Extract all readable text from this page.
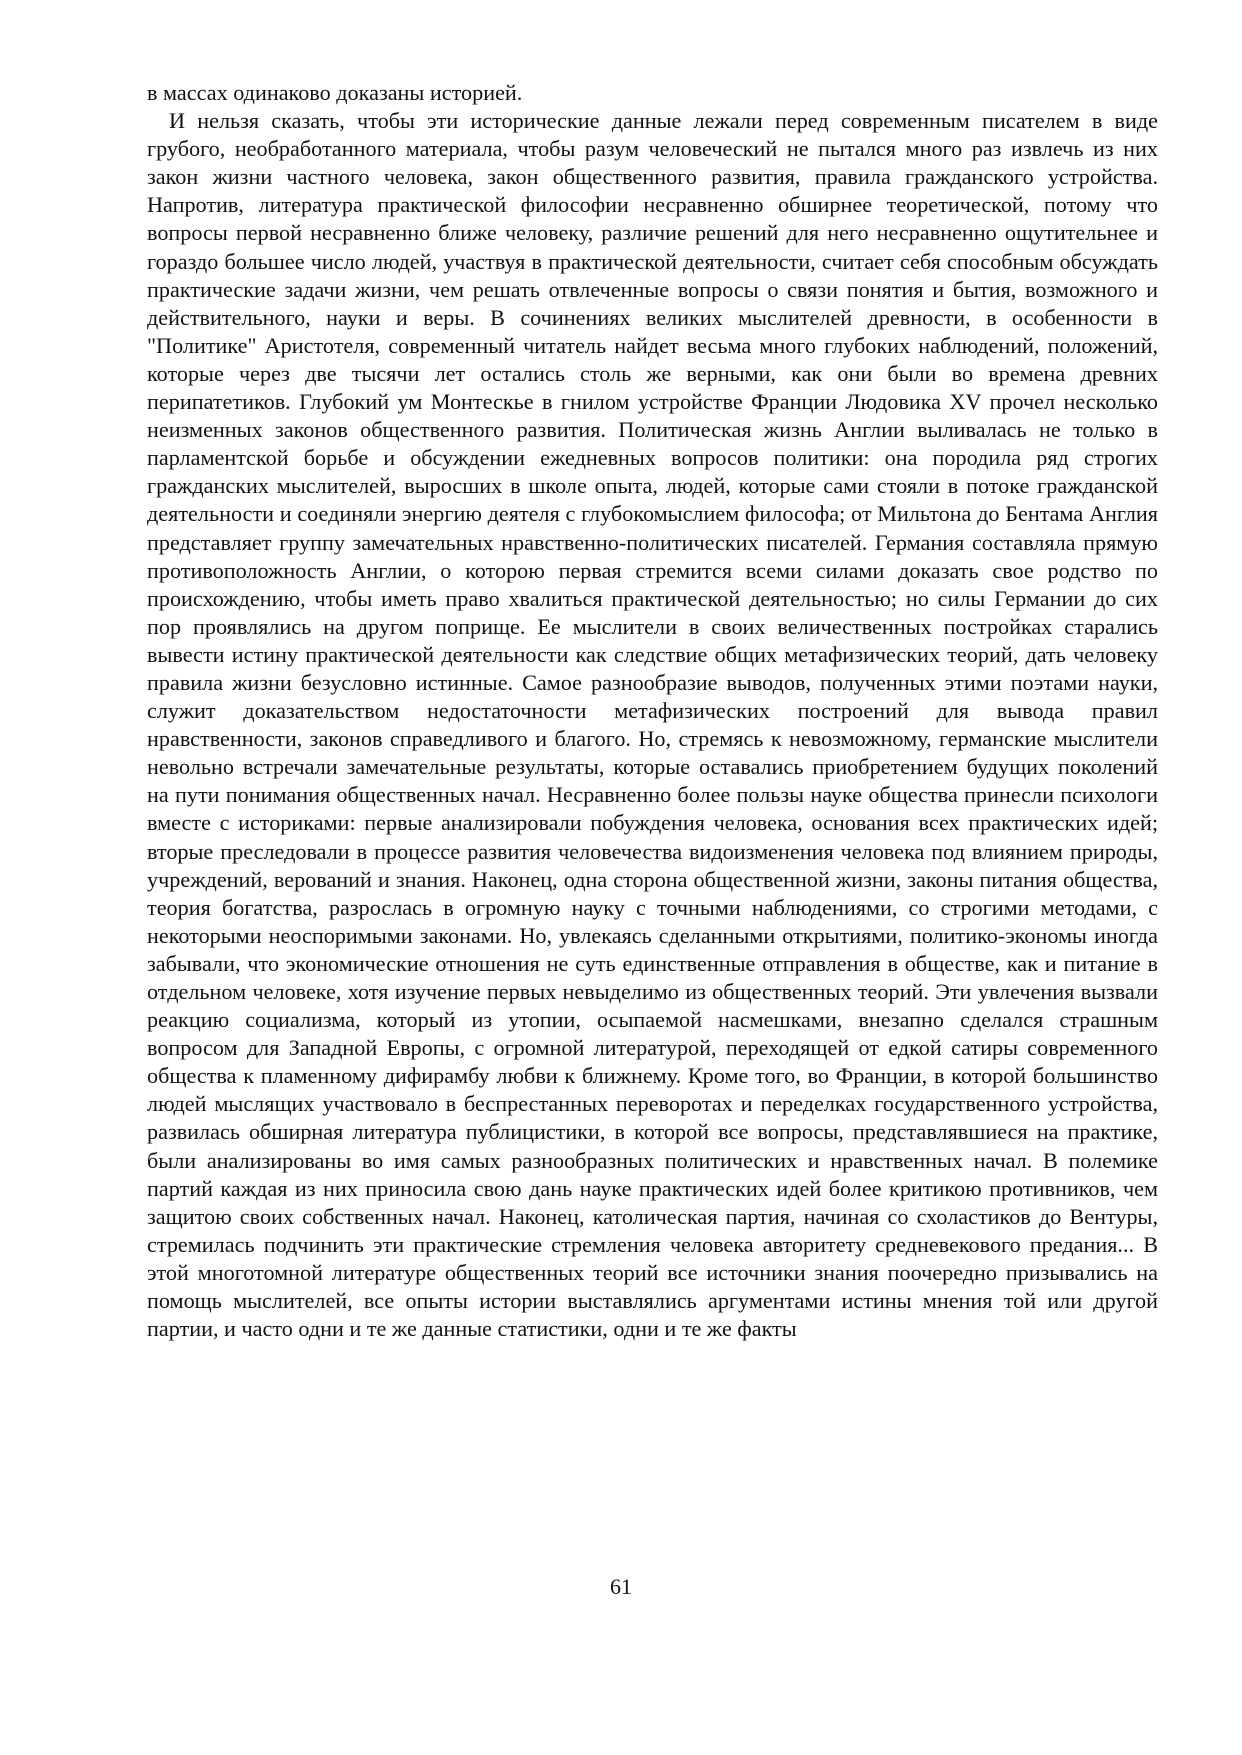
в массах одинаково доказаны историей.

И нельзя сказать, чтобы эти исторические данные лежали перед современным писателем в виде грубого, необработанного материала, чтобы разум человеческий не пытался много раз извлечь из них закон жизни частного человека, закон общественного развития, правила гражданского устройства. Напротив, литература практической философии несравненно обширнее теоретической, потому что вопросы первой несравненно ближе человеку, различие решений для него несравненно ощутительнее и гораздо большее число людей, участвуя в практической деятельности, считает себя способным обсуждать практические задачи жизни, чем решать отвлеченные вопросы о связи понятия и бытия, возможного и действительного, науки и веры. В сочинениях великих мыслителей древности, в особенности в "Политике" Аристотеля, современный читатель найдет весьма много глубоких наблюдений, положений, которые через две тысячи лет остались столь же верными, как они были во времена древних перипатетиков. Глубокий ум Монтескье в гнилом устройстве Франции Людовика XV прочел несколько неизменных законов общественного развития. Политическая жизнь Англии выливалась не только в парламентской борьбе и обсуждении ежедневных вопросов политики: она породила ряд строгих гражданских мыслителей, выросших в школе опыта, людей, которые сами стояли в потоке гражданской деятельности и соединяли энергию деятеля с глубокомыслием философа; от Мильтона до Бентама Англия представляет группу замечательных нравственно-политических писателей. Германия составляла прямую противоположность Англии, о которою первая стремится всеми силами доказать свое родство по происхождению, чтобы иметь право хвалиться практической деятельностью; но силы Германии до сих пор проявлялись на другом поприще. Ее мыслители в своих величественных постройках старались вывести истину практической деятельности как следствие общих метафизических теорий, дать человеку правила жизни безусловно истинные. Самое разнообразие выводов, полученных этими поэтами науки, служит доказательством недостаточности метафизических построений для вывода правил нравственности, законов справедливого и благого. Но, стремясь к невозможному, германские мыслители невольно встречали замечательные результаты, которые оставались приобретением будущих поколений на пути понимания общественных начал. Несравненно более пользы науке общества принесли психологи вместе с историками: первые анализировали побуждения человека, основания всех практических идей; вторые преследовали в процессе развития человечества видоизменения человека под влиянием природы, учреждений, верований и знания. Наконец, одна сторона общественной жизни, законы питания общества, теория богатства, разрослась в огромную науку с точными наблюдениями, со строгими методами, с некоторыми неоспоримыми законами. Но, увлекаясь сделанными открытиями, политико-экономы иногда забывали, что экономические отношения не суть единственные отправления в обществе, как и питание в отдельном человеке, хотя изучение первых невыделимо из общественных теорий. Эти увлечения вызвали реакцию социализма, который из утопии, осыпаемой насмешками, внезапно сделался страшным вопросом для Западной Европы, с огромной литературой, переходящей от едкой сатиры современного общества к пламенному дифирамбу любви к ближнему. Кроме того, во Франции, в которой большинство людей мыслящих участвовало в беспрестанных переворотах и переделках государственного устройства, развилась обширная литература публицистики, в которой все вопросы, представлявшиеся на практике, были анализированы во имя самых разнообразных политических и нравственных начал. В полемике партий каждая из них приносила свою дань науке практических идей более критикою противников, чем защитою своих собственных начал. Наконец, католическая партия, начиная со схоластиков до Вентуры, стремилась подчинить эти практические стремления человека авторитету средневекового предания... В этой многотомной литературе общественных теорий все источники знания поочередно призывались на помощь мыслителей, все опыты истории выставлялись аргументами истины мнения той или другой партии, и часто одни и те же данные статистики, одни и те же факты

61
